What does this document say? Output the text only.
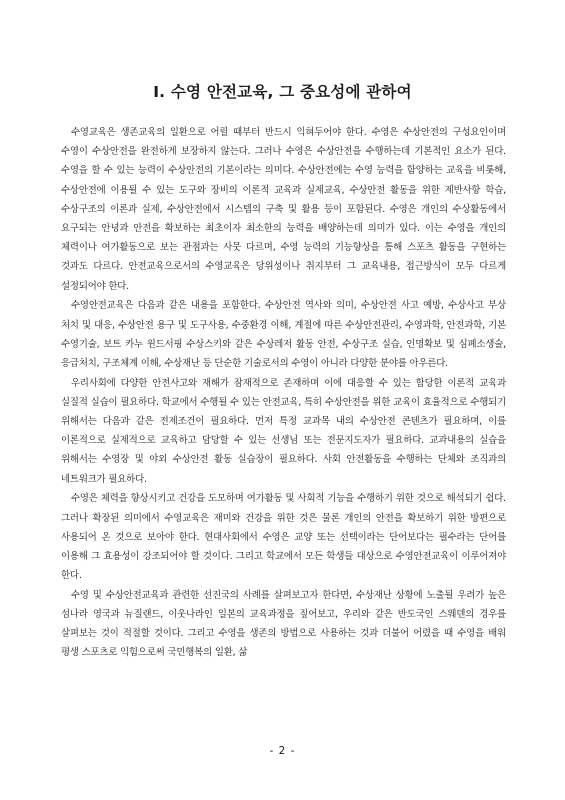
Ⅰ. 수영 안전교육, 그 중요성에 관하여

수영교육은 생존교육의 일환으로 어릴 때부터 반드시 익혀두어야 한다. 수영은 수상안전의 구성요인이며 수영이 수상안전을 완전하게 보장하지 않는다. 그러나 수영은 수상안전을 수행하는데 기본적인 요소가 된다. 수영을 할 수 있는 능력이 수상안전의 기본이라는 의미다. 수상안전에는 수영 능력을 함양하는 교육을 비롯해, 수상안전에 이용될 수 있는 도구와 장비의 이론적 교육과 실제교육, 수상안전 활동을 위한 제반사항 학습, 수상구조의 이론과 실제, 수상안전에서 시스템의 구축 및 활용 등이 포함된다. 수영은 개인의 수상활동에서 요구되는 안녕과 안전을 확보하는 최초이자 최소한의 능력을 배양하는데 의미가 있다. 이는 수영을 개인의 체력이나 여가활동으로 보는 관점과는 사뭇 다르며, 수영 능력의 기능향상을 통해 스포츠 활동을 구현하는 것과도 다르다. 안전교육으로서의 수영교육은 당위성이나 취지부터 그 교육내용, 접근방식이 모두 다르게 설정되어야 한다.

수영안전교육은 다음과 같은 내용을 포함한다. 수상안전 역사와 의미, 수상안전 사고 예방, 수상사고 부상 처치 및 대응, 수상안전 용구 및 도구사용, 수중환경 이해, 계절에 따른 수상안전관리, 수영과학, 안전과학, 기본 수영기술, 보트 카누 윈드서핑 수상스키와 같은 수상레저 활동 안전, 수상구조 실습, 인명확보 및 심폐소생술, 응급처치, 구조체계 이해, 수상재난 등 단순한 기술로서의 수영이 아니라 다양한 분야를 아우른다.

우리사회에 다양한 안전사고와 재해가 잠재적으로 존재하며 이에 대응할 수 있는 합당한 이론적 교육과 실질적 실습이 필요하다. 학교에서 수행될 수 있는 안전교육, 특히 수상안전을 위한 교육이 효율적으로 수행되기 위해서는 다음과 같은 전제조건이 필요하다. 먼저 특정 교과목 내의 수상안전 콘텐츠가 필요하며, 이를 이론적으로 실제적으로 교육하고 담당할 수 있는 선생님 또는 전문지도자가 필요하다. 교과내용의 실습을 위해서는 수영장 및 야외 수상안전 활동 실습장이 필요하다. 사회 안전활동을 수행하는 단체와 조직과의 네트워크가 필요하다.

수영은 체력을 향상시키고 건강을 도모하며 여가활동 및 사회적 기능을 수행하기 위한 것으로 해석되기 쉽다. 그러나 확장된 의미에서 수영교육은 재미와 건강을 위한 것은 물론 개인의 안전을 확보하기 위한 방편으로 사용되어 온 것으로 보아야 한다. 현대사회에서 수영은 교양 또는 선택이라는 단어보다는 필수라는 단어를 이용해 그 효용성이 강조되어야 할 것이다. 그리고 학교에서 모든 학생들 대상으로 수영안전교육이 이루어져야 한다.

수영 및 수상안전교육과 관련한 선진국의 사례를 살펴보고자 한다면, 수상재난 상황에 노출될 우려가 높은 섬나라 영국과 뉴질랜드, 이웃나라인 일본의 교육과정을 짚어보고, 우리와 같은 반도국인 스웨덴의 경우를 살펴보는 것이 적절할 것이다. 그리고 수영을 생존의 방법으로 사용하는 것과 더불어 어렸을 때 수영을 배워 평생 스포츠로 익힘으로써 국민행복의 일환, 삶

- 2 -
